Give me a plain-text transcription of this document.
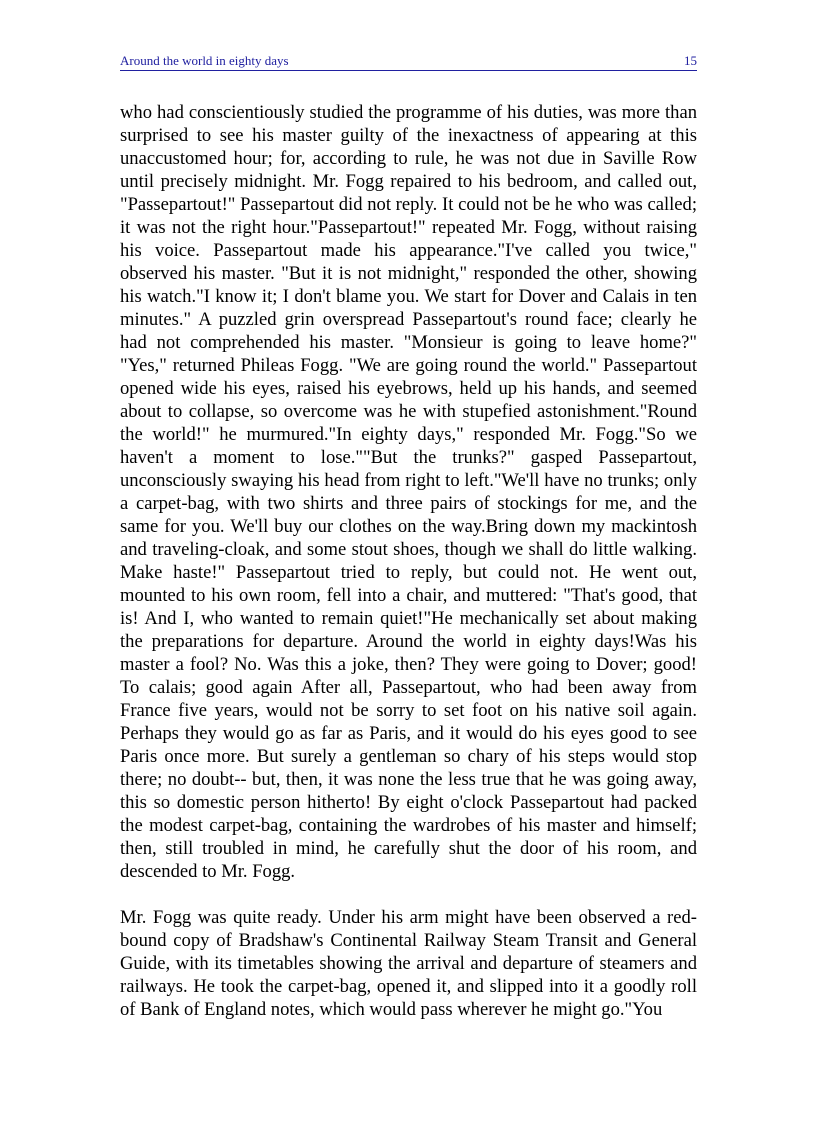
Around the world in eighty days	15

who had conscientiously studied the programme of his duties, was more than surprised to see his master guilty of the inexactness of appearing at this unaccustomed hour; for, according to rule, he was not due in Saville Row until precisely midnight. Mr. Fogg repaired to his bedroom, and called out, "Passepartout!" Passepartout did not reply. It could not be he who was called; it was not the right hour."Passepartout!" repeated Mr. Fogg, without raising his voice. Passepartout made his appearance."I've called you twice," observed his master. "But it is not midnight," responded the other, showing his watch."I know it; I don't blame you. We start for Dover and Calais in ten minutes." A puzzled grin overspread Passepartout's round face; clearly he had not comprehended his master. "Monsieur is going to leave home?" "Yes," returned Phileas Fogg. "We are going round the world." Passepartout opened wide his eyes, raised his eyebrows, held up his hands, and seemed about to collapse, so overcome was he with stupefied astonishment."Round the world!" he murmured."In eighty days," responded Mr. Fogg."So we haven't a moment to lose.""But the trunks?" gasped Passepartout, unconsciously swaying his head from right to left."We'll have no trunks; only a carpet-bag, with two shirts and three pairs of stockings for me, and the same for you. We'll buy our clothes on the way.Bring down my mackintosh and traveling-cloak, and some stout shoes, though we shall do little walking. Make haste!" Passepartout tried to reply, but could not. He went out, mounted to his own room, fell into a chair, and muttered: "That's good, that is! And I, who wanted to remain quiet!"He mechanically set about making the preparations for departure. Around the world in eighty days!Was his master a fool? No. Was this a joke, then? They were going to Dover; good! To calais; good again After all, Passepartout, who had been away from France five years, would not be sorry to set foot on his native soil again. Perhaps they would go as far as Paris, and it would do his eyes good to see Paris once more. But surely a gentleman so chary of his steps would stop there; no doubt-- but, then, it was none the less true that he was going away, this so domestic person hitherto! By eight o'clock Passepartout had packed the modest carpet-bag, containing the wardrobes of his master and himself; then, still troubled in mind, he carefully shut the door of his room, and descended to Mr. Fogg.

Mr. Fogg was quite ready. Under his arm might have been observed a red-bound copy of Bradshaw's Continental Railway Steam Transit and General Guide, with its timetables showing the arrival and departure of steamers and railways. He took the carpet-bag, opened it, and slipped into it a goodly roll of Bank of England notes, which would pass wherever he might go."You
